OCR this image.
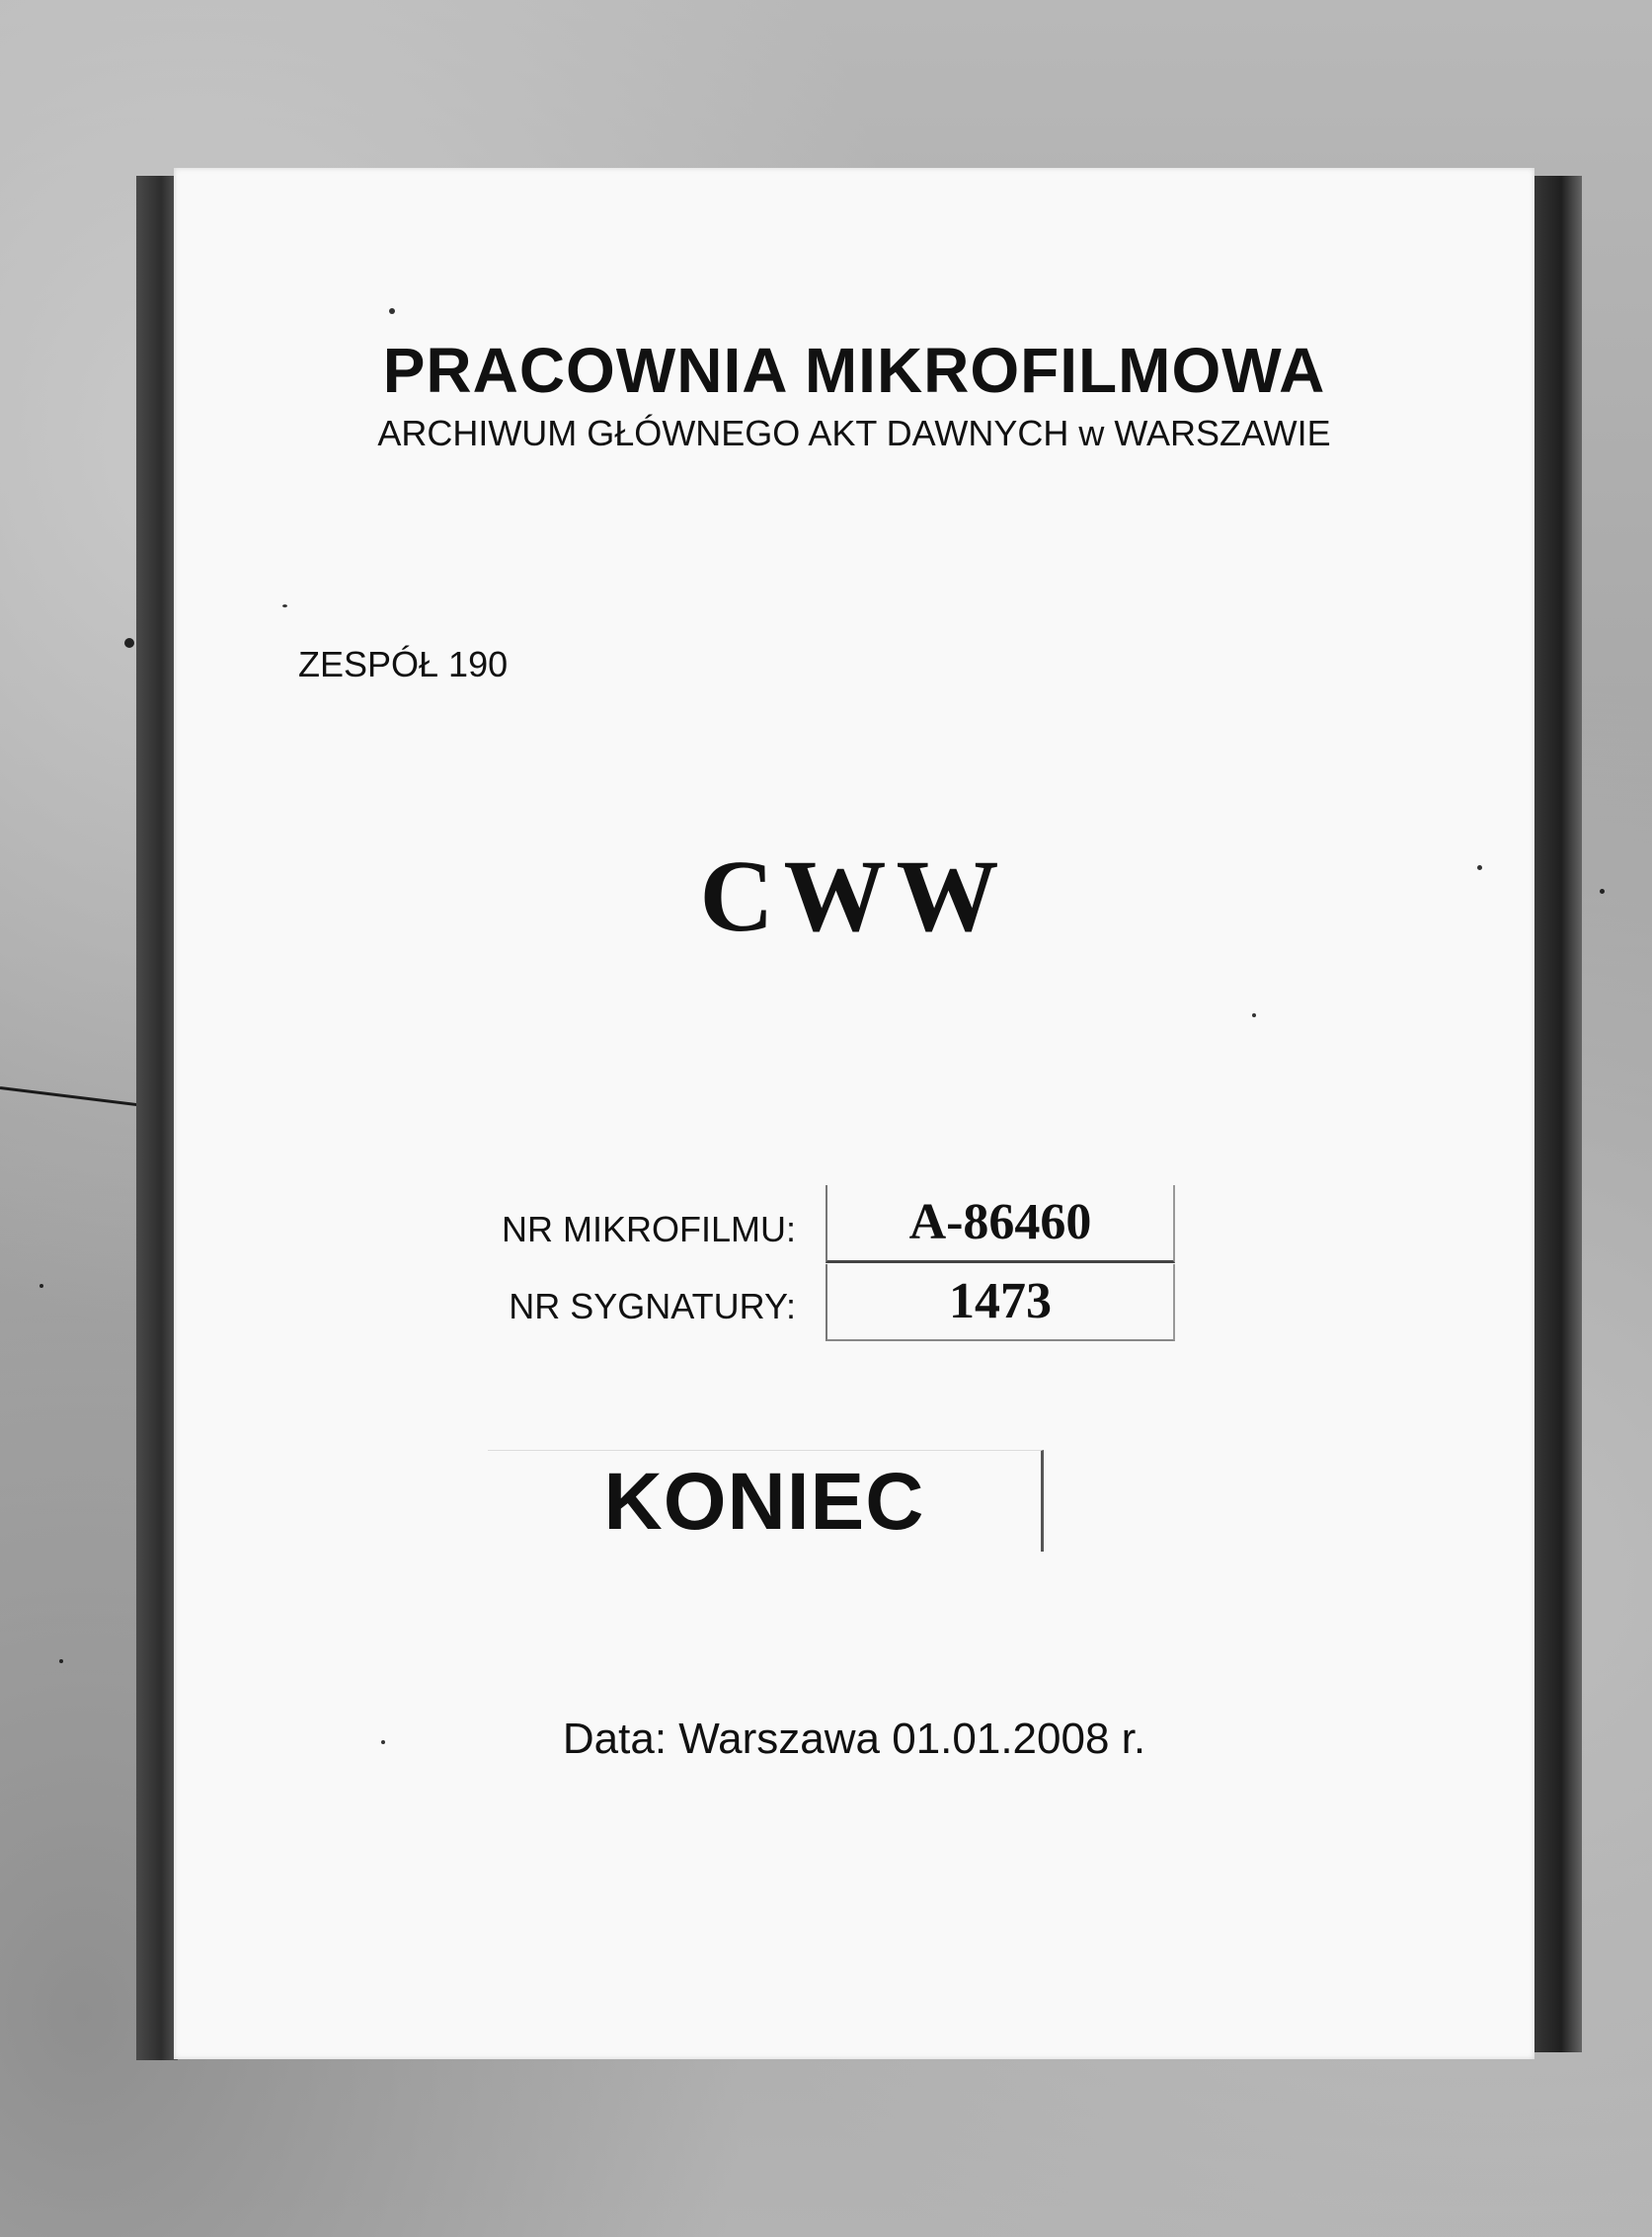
PRACOWNIA MIKROFILMOWA
ARCHIWUM GŁÓWNEGO AKT DAWNYCH w WARSZAWIE
ZESPÓŁ 190
CWW
NR MIKROFILMU:	A-86460
NR SYGNATURY:	1473
KONIEC
Data: Warszawa 01.01.2008 r.
